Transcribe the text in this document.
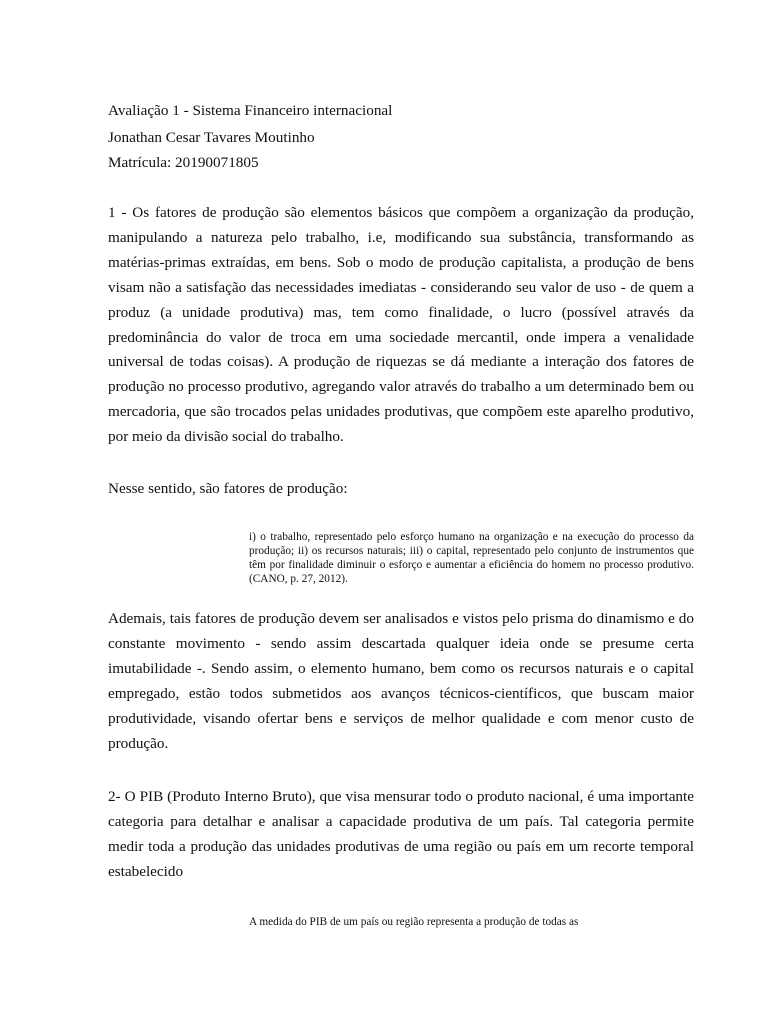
Avaliação 1 - Sistema Financeiro internacional
Jonathan Cesar Tavares Moutinho
Matrícula: 20190071805

1 - Os fatores de produção são elementos básicos que compõem a organização da produção, manipulando a natureza pelo trabalho, i.e, modificando sua substância, transformando as matérias-primas extraídas, em bens. Sob o modo de produção capitalista, a produção de bens visam não a satisfação das necessidades imediatas - considerando seu valor de uso - de quem a produz (a unidade produtiva) mas, tem como finalidade, o lucro (possível através da predominância do valor de troca em uma sociedade mercantil, onde impera a venalidade universal de todas coisas). A produção de riquezas se dá mediante a interação dos fatores de produção no processo produtivo, agregando valor através do trabalho a um determinado bem ou mercadoria, que são trocados pelas unidades produtivas, que compõem este aparelho produtivo, por meio da divisão social do trabalho.

Nesse sentido, são fatores de produção:

i) o trabalho, representado pelo esforço humano na organização e na execução do processo da produção; ii) os recursos naturais; iii) o capital, representado pelo conjunto de instrumentos que têm por finalidade diminuir o esforço e aumentar a eficiência do homem no processo produtivo. (CANO, p. 27, 2012).

Ademais, tais fatores de produção devem ser analisados e vistos pelo prisma do dinamismo e do constante movimento - sendo assim descartada qualquer ideia onde se presume certa imutabilidade -. Sendo assim, o elemento humano, bem como os recursos naturais e o capital empregado, estão todos submetidos aos avanços técnicos-científicos, que buscam maior produtividade, visando ofertar bens e serviços de melhor qualidade e com menor custo de produção.

2- O PIB (Produto Interno Bruto), que visa mensurar todo o produto nacional, é uma importante categoria para detalhar e analisar a capacidade produtiva de um país. Tal categoria permite medir toda a produção das unidades produtivas de uma região ou país em um recorte temporal estabelecido

A medida do PIB de um país ou região representa a produção de todas as
